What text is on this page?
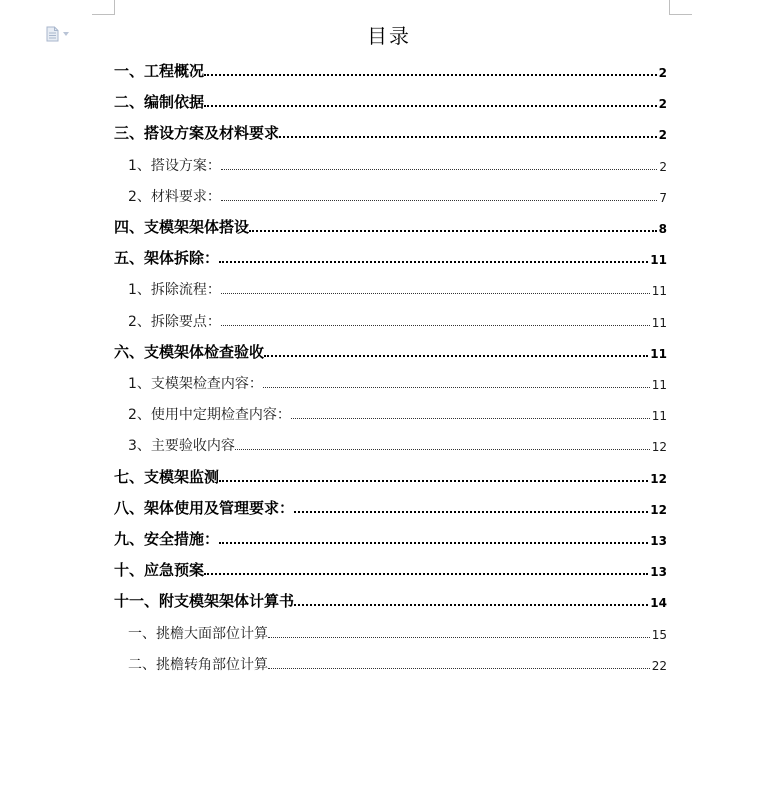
目录
一、工程概况	2
二、编制依据	2
三、搭设方案及材料要求	2
1、搭设方案：	2
2、材料要求：	7
四、支模架架体搭设	8
五、架体拆除：	11
1、拆除流程：	11
2、拆除要点：	11
六、支模架体检查验收	11
1、支模架检查内容：	11
2、使用中定期检查内容：	11
3、主要验收内容	12
七、支模架监测	12
八、架体使用及管理要求：	12
九、安全措施：	13
十、应急预案	13
十一、附支模架架体计算书	14
一、挑檐大面部位计算	15
二、挑檐转角部位计算	22
